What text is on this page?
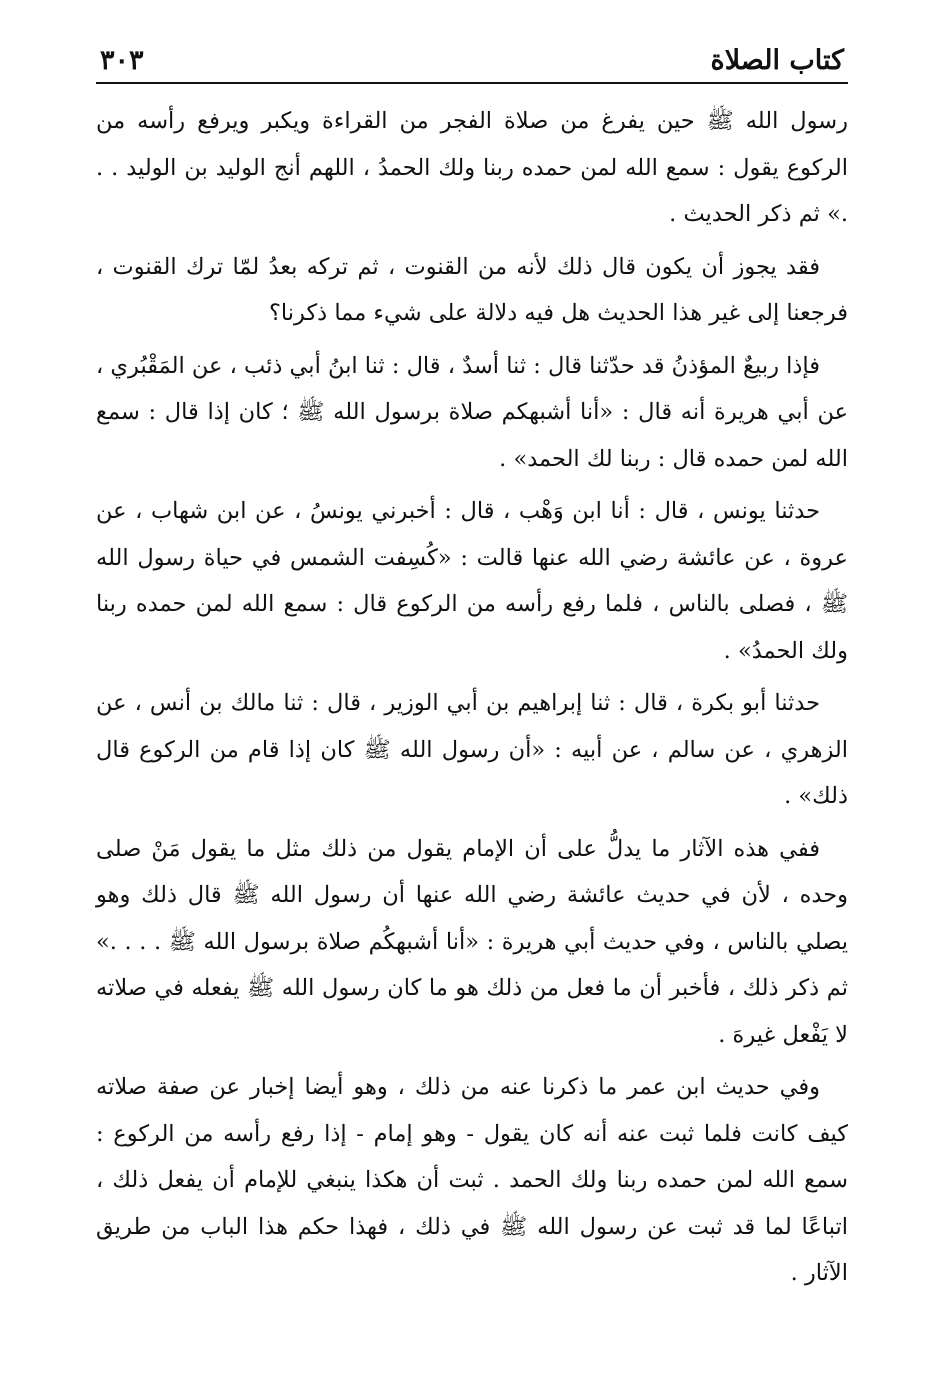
كتاب الصلاة
٣٠٣

رسول الله ﷺ حين يفرغ من صلاة الفجر من القراءة ويكبر ويرفع رأسه من الركوع يقول : سمع الله لمن حمده ربنا ولك الحمدُ ، اللهم أنج الوليد بن الوليد . . .» ثم ذكر الحديث .

فقد يجوز أن يكون قال ذلك لأنه من القنوت ، ثم تركه بعدُ لمّا ترك القنوت ، فرجعنا إلى غير هذا الحديث هل فيه دلالة على شيء مما ذكرنا؟

فإذا ربيعٌ المؤذنُ قد حدّثنا قال : ثنا أسدٌ ، قال : ثنا ابنُ أبي ذئب ، عن المَقْبُري ، عن أبي هريرة أنه قال : «أنا أشبهكم صلاة برسول الله ﷺ ؛ كان إذا قال : سمع الله لمن حمده قال : ربنا لك الحمد» .

حدثنا يونس ، قال : أنا ابن وَهْب ، قال : أخبرني يونسُ ، عن ابن شهاب ، عن عروة ، عن عائشة رضي الله عنها قالت : «كُسِفت الشمس في حياة رسول الله ﷺ ، فصلى بالناس ، فلما رفع رأسه من الركوع قال : سمع الله لمن حمده ربنا ولك الحمدُ» .

حدثنا أبو بكرة ، قال : ثنا إبراهيم بن أبي الوزير ، قال : ثنا مالك بن أنس ، عن الزهري ، عن سالم ، عن أبيه : «أن رسول الله ﷺ كان إذا قام من الركوع قال ذلك» .

ففي هذه الآثار ما يدلُّ على أن الإمام يقول من ذلك مثل ما يقول مَنْ صلى وحده ، لأن في حديث عائشة رضي الله عنها أن رسول الله ﷺ قال ذلك وهو يصلي بالناس ، وفي حديث أبي هريرة : «أنا أشبهكُم صلاة برسول الله ﷺ . . . .» ثم ذكر ذلك ، فأخبر أن ما فعل من ذلك هو ما كان رسول الله ﷺ يفعله في صلاته لا يَفْعل غيرهَ .

وفي حديث ابن عمر ما ذكرنا عنه من ذلك ، وهو أيضا إخبار عن صفة صلاته كيف كانت فلما ثبت عنه أنه كان يقول - وهو إمام - إذا رفع رأسه من الركوع : سمع الله لمن حمده ربنا ولك الحمد . ثبت أن هكذا ينبغي للإمام أن يفعل ذلك ، اتباعًا لما قد ثبت عن رسول الله ﷺ في ذلك ، فهذا حكم هذا الباب من طريق الآثار .
